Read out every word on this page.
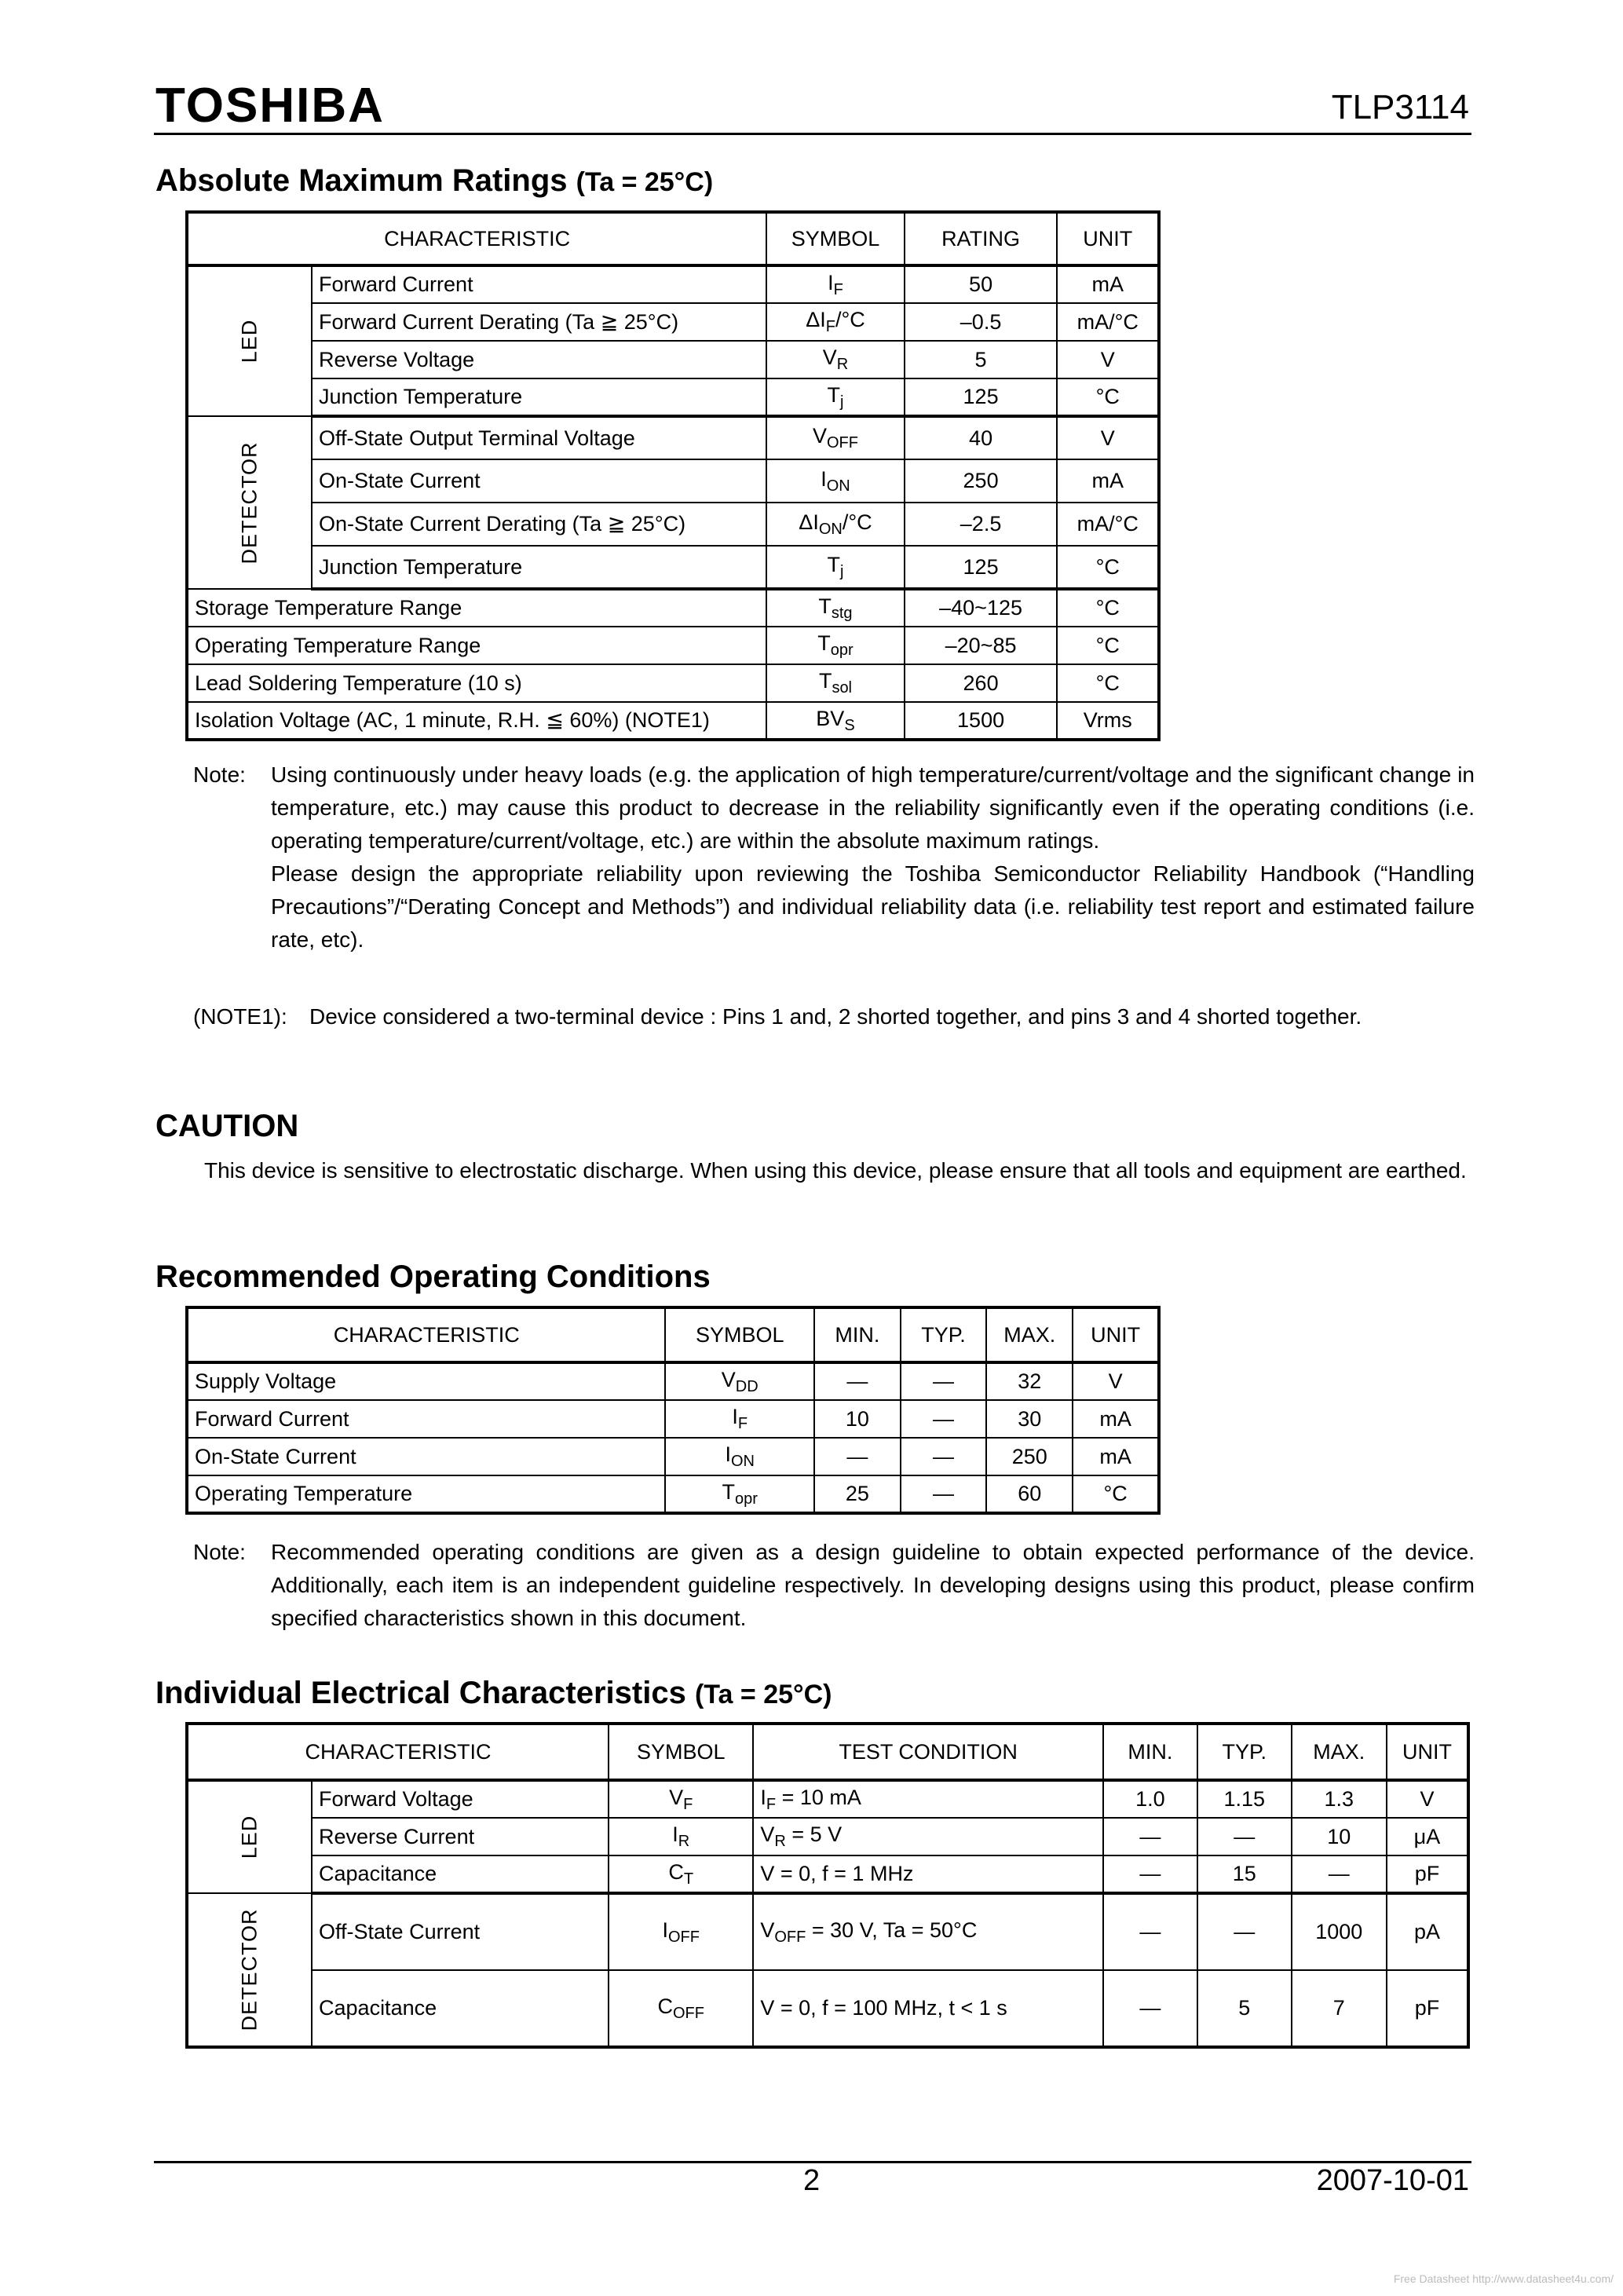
TOSHIBA	TLP3114
Absolute Maximum Ratings (Ta = 25°C)
CHARACTERISTIC		SYMBOL	RATING	UNIT
LED	Forward Current	$I_F$	50	mA
	Forward Current Derating (Ta ≧ 25°C)	$\Delta I_F/^\circ C$	–0.5	mA/°C
	Reverse Voltage	$V_R$	5	V
	Junction Temperature	$T_j$	125	°C
DETECTOR	Off-State Output Terminal Voltage	$V_{OFF}$	40	V
	On-State Current	$I_{ON}$	250	mA
	On-State Current Derating (Ta ≧ 25°C)	$\Delta I_{ON}/^\circ C$	–2.5	mA/°C
	Junction Temperature	$T_j$	125	°C
Storage Temperature Range		$T_{stg}$	–40~125	°C
Operating Temperature Range		$T_{opr}$	–20~85	°C
Lead Soldering Temperature (10 s)		$T_{sol}$	260	°C
Isolation Voltage (AC, 1 minute, R.H. ≦ 60%) (NOTE1)		$BV_S$	1500	Vrms
Note: Using continuously under heavy loads (e.g. the application of high temperature/current/voltage and the significant change in temperature, etc.) may cause this product to decrease in the reliability significantly even if the operating conditions (i.e. operating temperature/current/voltage, etc.) are within the absolute maximum ratings.
Please design the appropriate reliability upon reviewing the Toshiba Semiconductor Reliability Handbook (“Handling Precautions”/“Derating Concept and Methods”) and individual reliability data (i.e. reliability test report and estimated failure rate, etc).
(NOTE1): Device considered a two-terminal device : Pins 1 and, 2 shorted together, and pins 3 and 4 shorted together.
CAUTION
This device is sensitive to electrostatic discharge. When using this device, please ensure that all tools and equipment are earthed.
Recommended Operating Conditions
CHARACTERISTIC	SYMBOL	MIN.	TYP.	MAX.	UNIT
Supply Voltage	$V_{DD}$	—	—	32	V
Forward Current	$I_F$	10	—	30	mA
On-State Current	$I_{ON}$	—	—	250	mA
Operating Temperature	$T_{opr}$	25	—	60	°C
Note: Recommended operating conditions are given as a design guideline to obtain expected performance of the device. Additionally, each item is an independent guideline respectively. In developing designs using this product, please confirm specified characteristics shown in this document.
Individual Electrical Characteristics (Ta = 25°C)
CHARACTERISTIC		SYMBOL	TEST CONDITION	MIN.	TYP.	MAX.	UNIT
LED	Forward Voltage	$V_F$	$I_F = 10$ mA	1.0	1.15	1.3	V
	Reverse Current	$I_R$	$V_R = 5$ V	—	—	10	μA
	Capacitance	$C_T$	V = 0, f = 1 MHz	—	15	—	pF
DETECTOR	Off-State Current	$I_{OFF}$	$V_{OFF} = 30$ V, Ta = 50°C	—	—	1000	pA
	Capacitance	$C_{OFF}$	V = 0, f = 100 MHz, t < 1 s	—	5	7	pF
2	2007-10-01
Free Datasheet http://www.datasheet4u.com/
